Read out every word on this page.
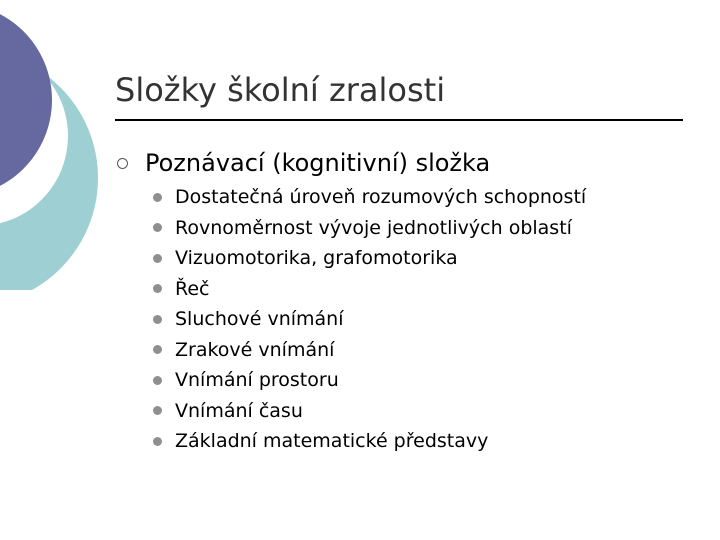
Složky školní zralosti
Poznávací (kognitivní) složka
Dostatečná úroveň rozumových schopností
Rovnoměrnost vývoje jednotlivých oblastí
Vizuomotorika, grafomotorika
Řeč
Sluchové vnímání
Zrakové vnímání
Vnímání prostoru
Vnímání času
Základní matematické představy
